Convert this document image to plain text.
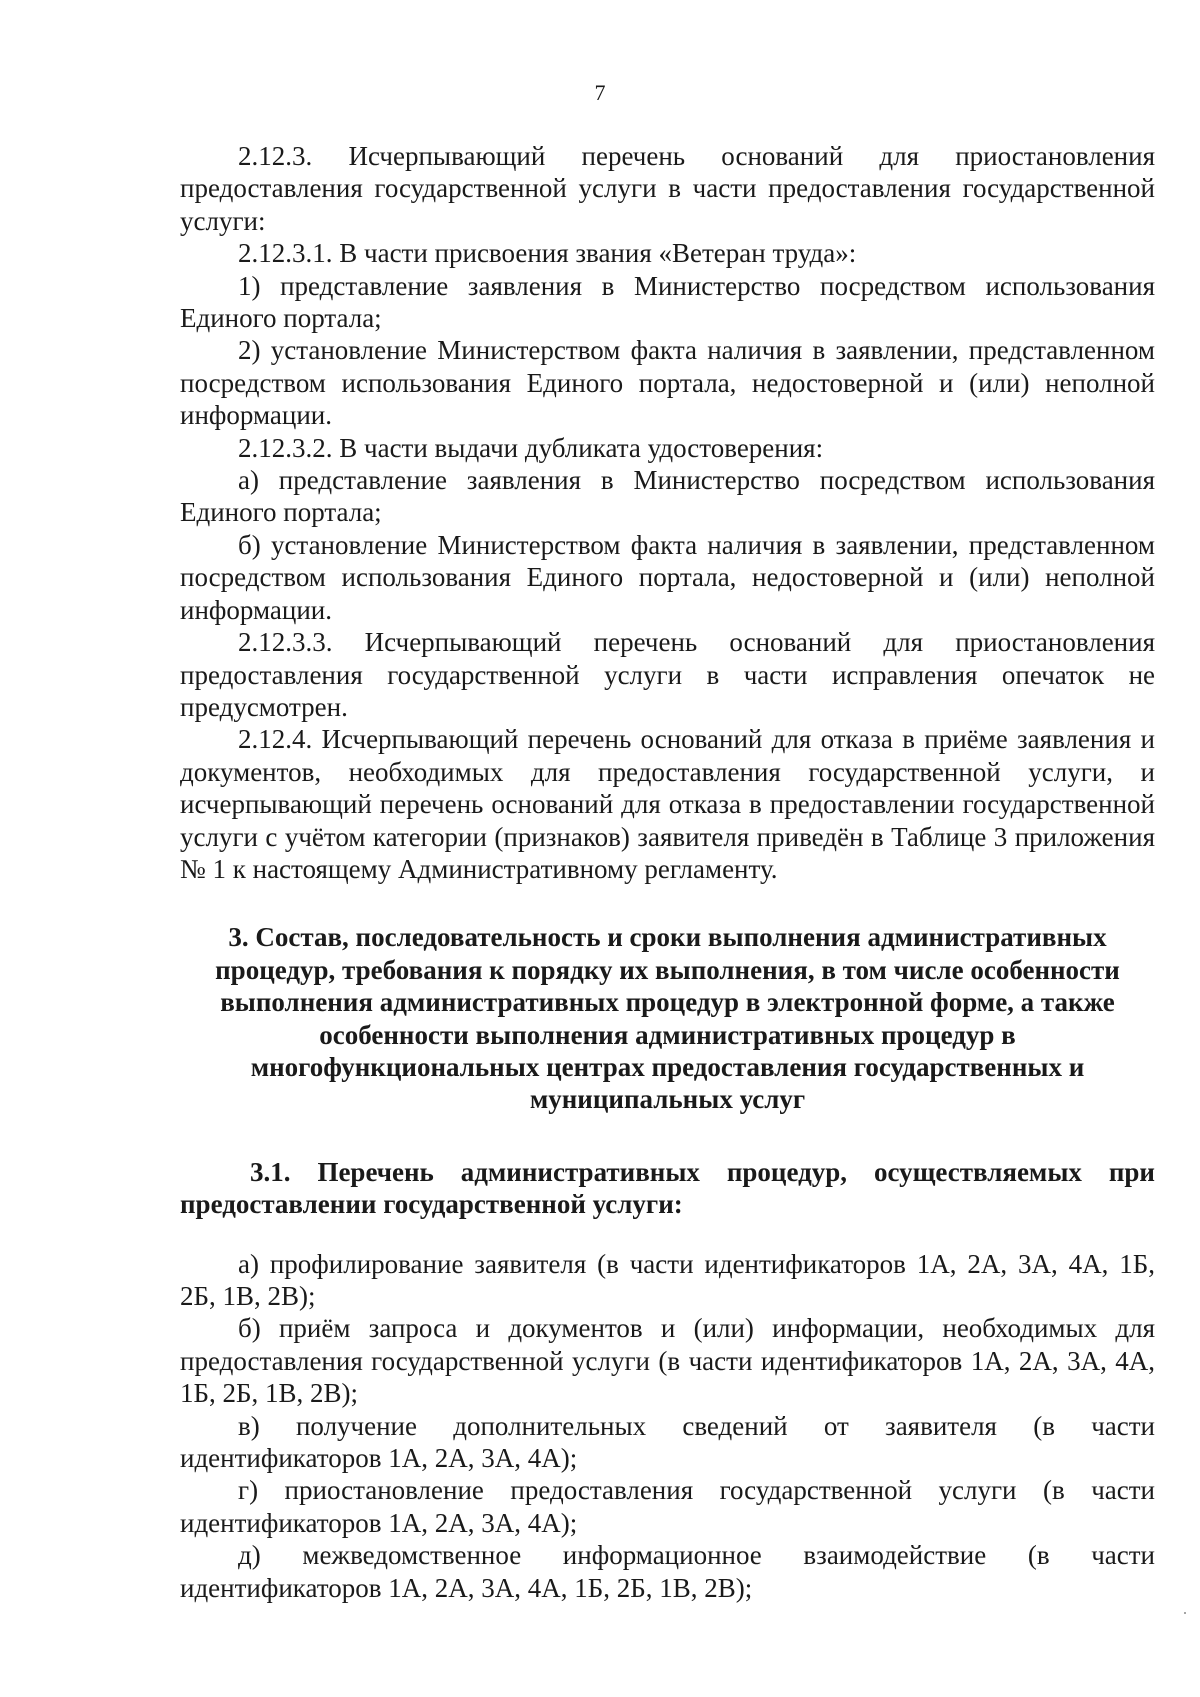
7

2.12.3. Исчерпывающий перечень оснований для приостановления предоставления государственной услуги в части предоставления государственной услуги:

2.12.3.1. В части присвоения звания «Ветеран труда»:

1) представление заявления в Министерство посредством использования Единого портала;

2) установление Министерством факта наличия в заявлении, представленном посредством использования Единого портала, недостоверной и (или) неполной информации.

2.12.3.2. В части выдачи дубликата удостоверения:

а) представление заявления в Министерство посредством использования Единого портала;

б) установление Министерством факта наличия в заявлении, представленном посредством использования Единого портала, недостоверной и (или) неполной информации.

2.12.3.3. Исчерпывающий перечень оснований для приостановления предоставления государственной услуги в части исправления опечаток не предусмотрен.

2.12.4. Исчерпывающий перечень оснований для отказа в приёме заявления и документов, необходимых для предоставления государственной услуги, и исчерпывающий перечень оснований для отказа в предоставлении государственной услуги с учётом категории (признаков) заявителя приведён в Таблице 3 приложения № 1 к настоящему Административному регламенту.

3. Состав, последовательность и сроки выполнения административных процедур, требования к порядку их выполнения, в том числе особенности выполнения административных процедур в электронной форме, а также особенности выполнения административных процедур в многофункциональных центрах предоставления государственных и муниципальных услуг

3.1. Перечень административных процедур, осуществляемых при предоставлении государственной услуги:

а) профилирование заявителя (в части идентификаторов 1А, 2А, 3А, 4А, 1Б, 2Б, 1В, 2В);

б) приём запроса и документов и (или) информации, необходимых для предоставления государственной услуги (в части идентификаторов 1А, 2А, 3А, 4А, 1Б, 2Б, 1В, 2В);

в) получение дополнительных сведений от заявителя (в части идентификаторов 1А, 2А, 3А, 4А);

г) приостановление предоставления государственной услуги (в части идентификаторов 1А, 2А, 3А, 4А);

д) межведомственное информационное взаимодействие (в части идентификаторов 1А, 2А, 3А, 4А, 1Б, 2Б, 1В, 2В);
